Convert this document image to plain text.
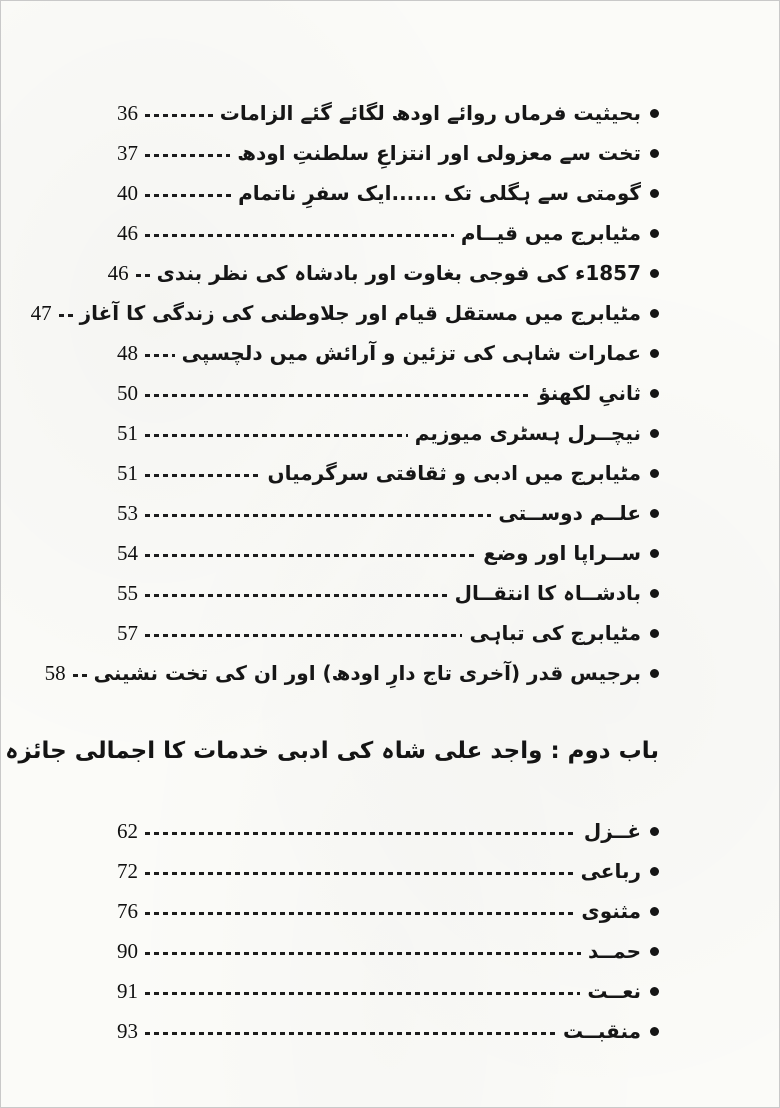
بحیثیت فرماں روائے اودھ لگائے گئے الزامات
36
تخت سے معزولی اور انتزاعِ سلطنتِ اودھ
37
گومتی سے ہگلی تک ......ایک سفرِ ناتمام
40
مٹیابرج میں قیــام
46
1857ء کی فوجی بغاوت اور بادشاہ کی نظر بندی
46
مٹیابرج میں مستقل قیام اور جلاوطنی کی زندگی کا آغاز
47
عمارات شاہی کی تزئین و آرائش میں دلچسپی
48
ثانیِ لکھنؤ
50
نیچــرل ہسٹری میوزیم
51
مٹیابرج میں ادبی و ثقافتی سرگرمیاں
51
علــم دوســتی
53
ســراپا اور وضع
54
بادشــاہ کا انتقــال
55
مٹیابرج کی تباہی
57
برجیس قدر (آخری تاج دارِ اودھ) اور ان کی تخت نشینی
58
باب دوم : واجد علی شاہ کی ادبی خدمات کا اجمالی جائزہ
غــزل
62
رباعی
72
مثنوی
76
حمــد
90
نعــت
91
منقبــت
93
